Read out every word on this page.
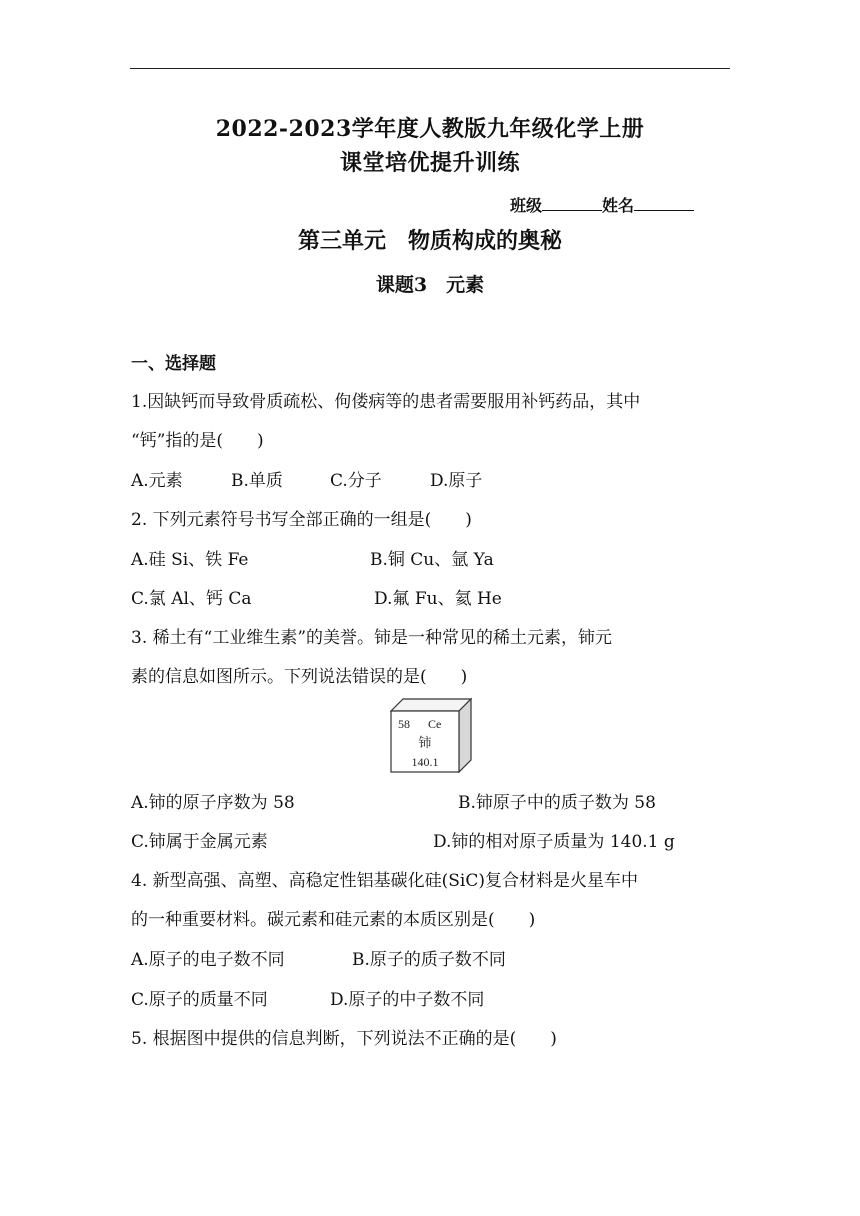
2022-2023学年度人教版九年级化学上册
课堂培优提升训练
班级	姓名
第三单元　物质构成的奥秘
课题3　元素
一、选择题
1.因缺钙而导致骨质疏松、佝偻病等的患者需要服用补钙药品，其中
“钙”指的是(　　)
A.元素	B.单质	C.分子	D.原子
2. 下列元素符号书写全部正确的一组是(　　)
A.硅 Si、铁 Fe	B.铜 Cu、氩 Ya
C.氯 Al、钙 Ca	D.氟 Fu、氦 He
3. 稀土有“工业维生素”的美誉。铈是一种常见的稀土元素，铈元
素的信息如图所示。下列说法错误的是(　　)
58 Ce
铈
140.1
A.铈的原子序数为 58	B.铈原子中的质子数为 58
C.铈属于金属元素	D.铈的相对原子质量为 140.1 g
4. 新型高强、高塑、高稳定性铝基碳化硅(SiC)复合材料是火星车中
的一种重要材料。碳元素和硅元素的本质区别是(　　)
A.原子的电子数不同	B.原子的质子数不同
C.原子的质量不同	D.原子的中子数不同
5. 根据图中提供的信息判断，下列说法不正确的是(　　)
